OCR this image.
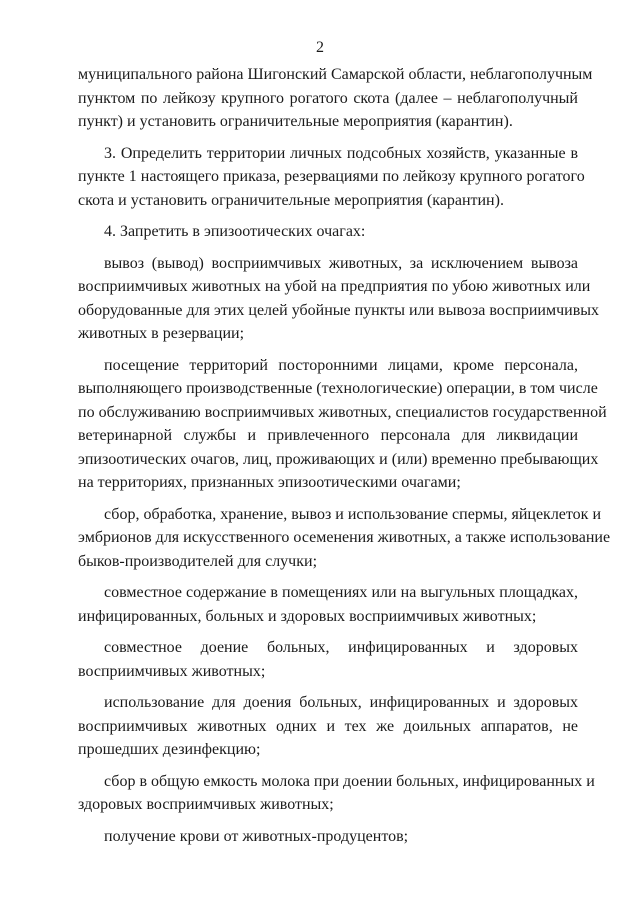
2

муниципального района Шигонский Самарской области, неблагополучным
пунктом по лейкозу крупного рогатого скота (далее – неблагополучный
пункт) и установить ограничительные мероприятия (карантин).

3. Определить территории личных подсобных хозяйств, указанные в
пункте 1 настоящего приказа, резервациями по лейкозу крупного рогатого
скота и установить ограничительные мероприятия (карантин).

4. Запретить в эпизоотических очагах:

вывоз (вывод) восприимчивых животных, за исключением вывоза
восприимчивых животных на убой на предприятия по убою животных или
оборудованные для этих целей убойные пункты или вывоза восприимчивых
животных в резервации;

посещение территорий посторонними лицами, кроме персонала,
выполняющего производственные (технологические) операции, в том числе
по обслуживанию восприимчивых животных, специалистов государственной
ветеринарной службы и привлеченного персонала для ликвидации
эпизоотических очагов, лиц, проживающих и (или) временно пребывающих
на территориях, признанных эпизоотическими очагами;

сбор, обработка, хранение, вывоз и использование спермы, яйцеклеток и
эмбрионов для искусственного осеменения животных, а также использование
быков-производителей для случки;

совместное содержание в помещениях или на выгульных площадках,
инфицированных, больных и здоровых восприимчивых животных;

совместное доение больных, инфицированных и здоровых
восприимчивых животных;

использование для доения больных, инфицированных и здоровых
восприимчивых животных одних и тех же доильных аппаратов, не
прошедших дезинфекцию;

сбор в общую емкость молока при доении больных, инфицированных и
здоровых восприимчивых животных;

получение крови от животных-продуцентов;
